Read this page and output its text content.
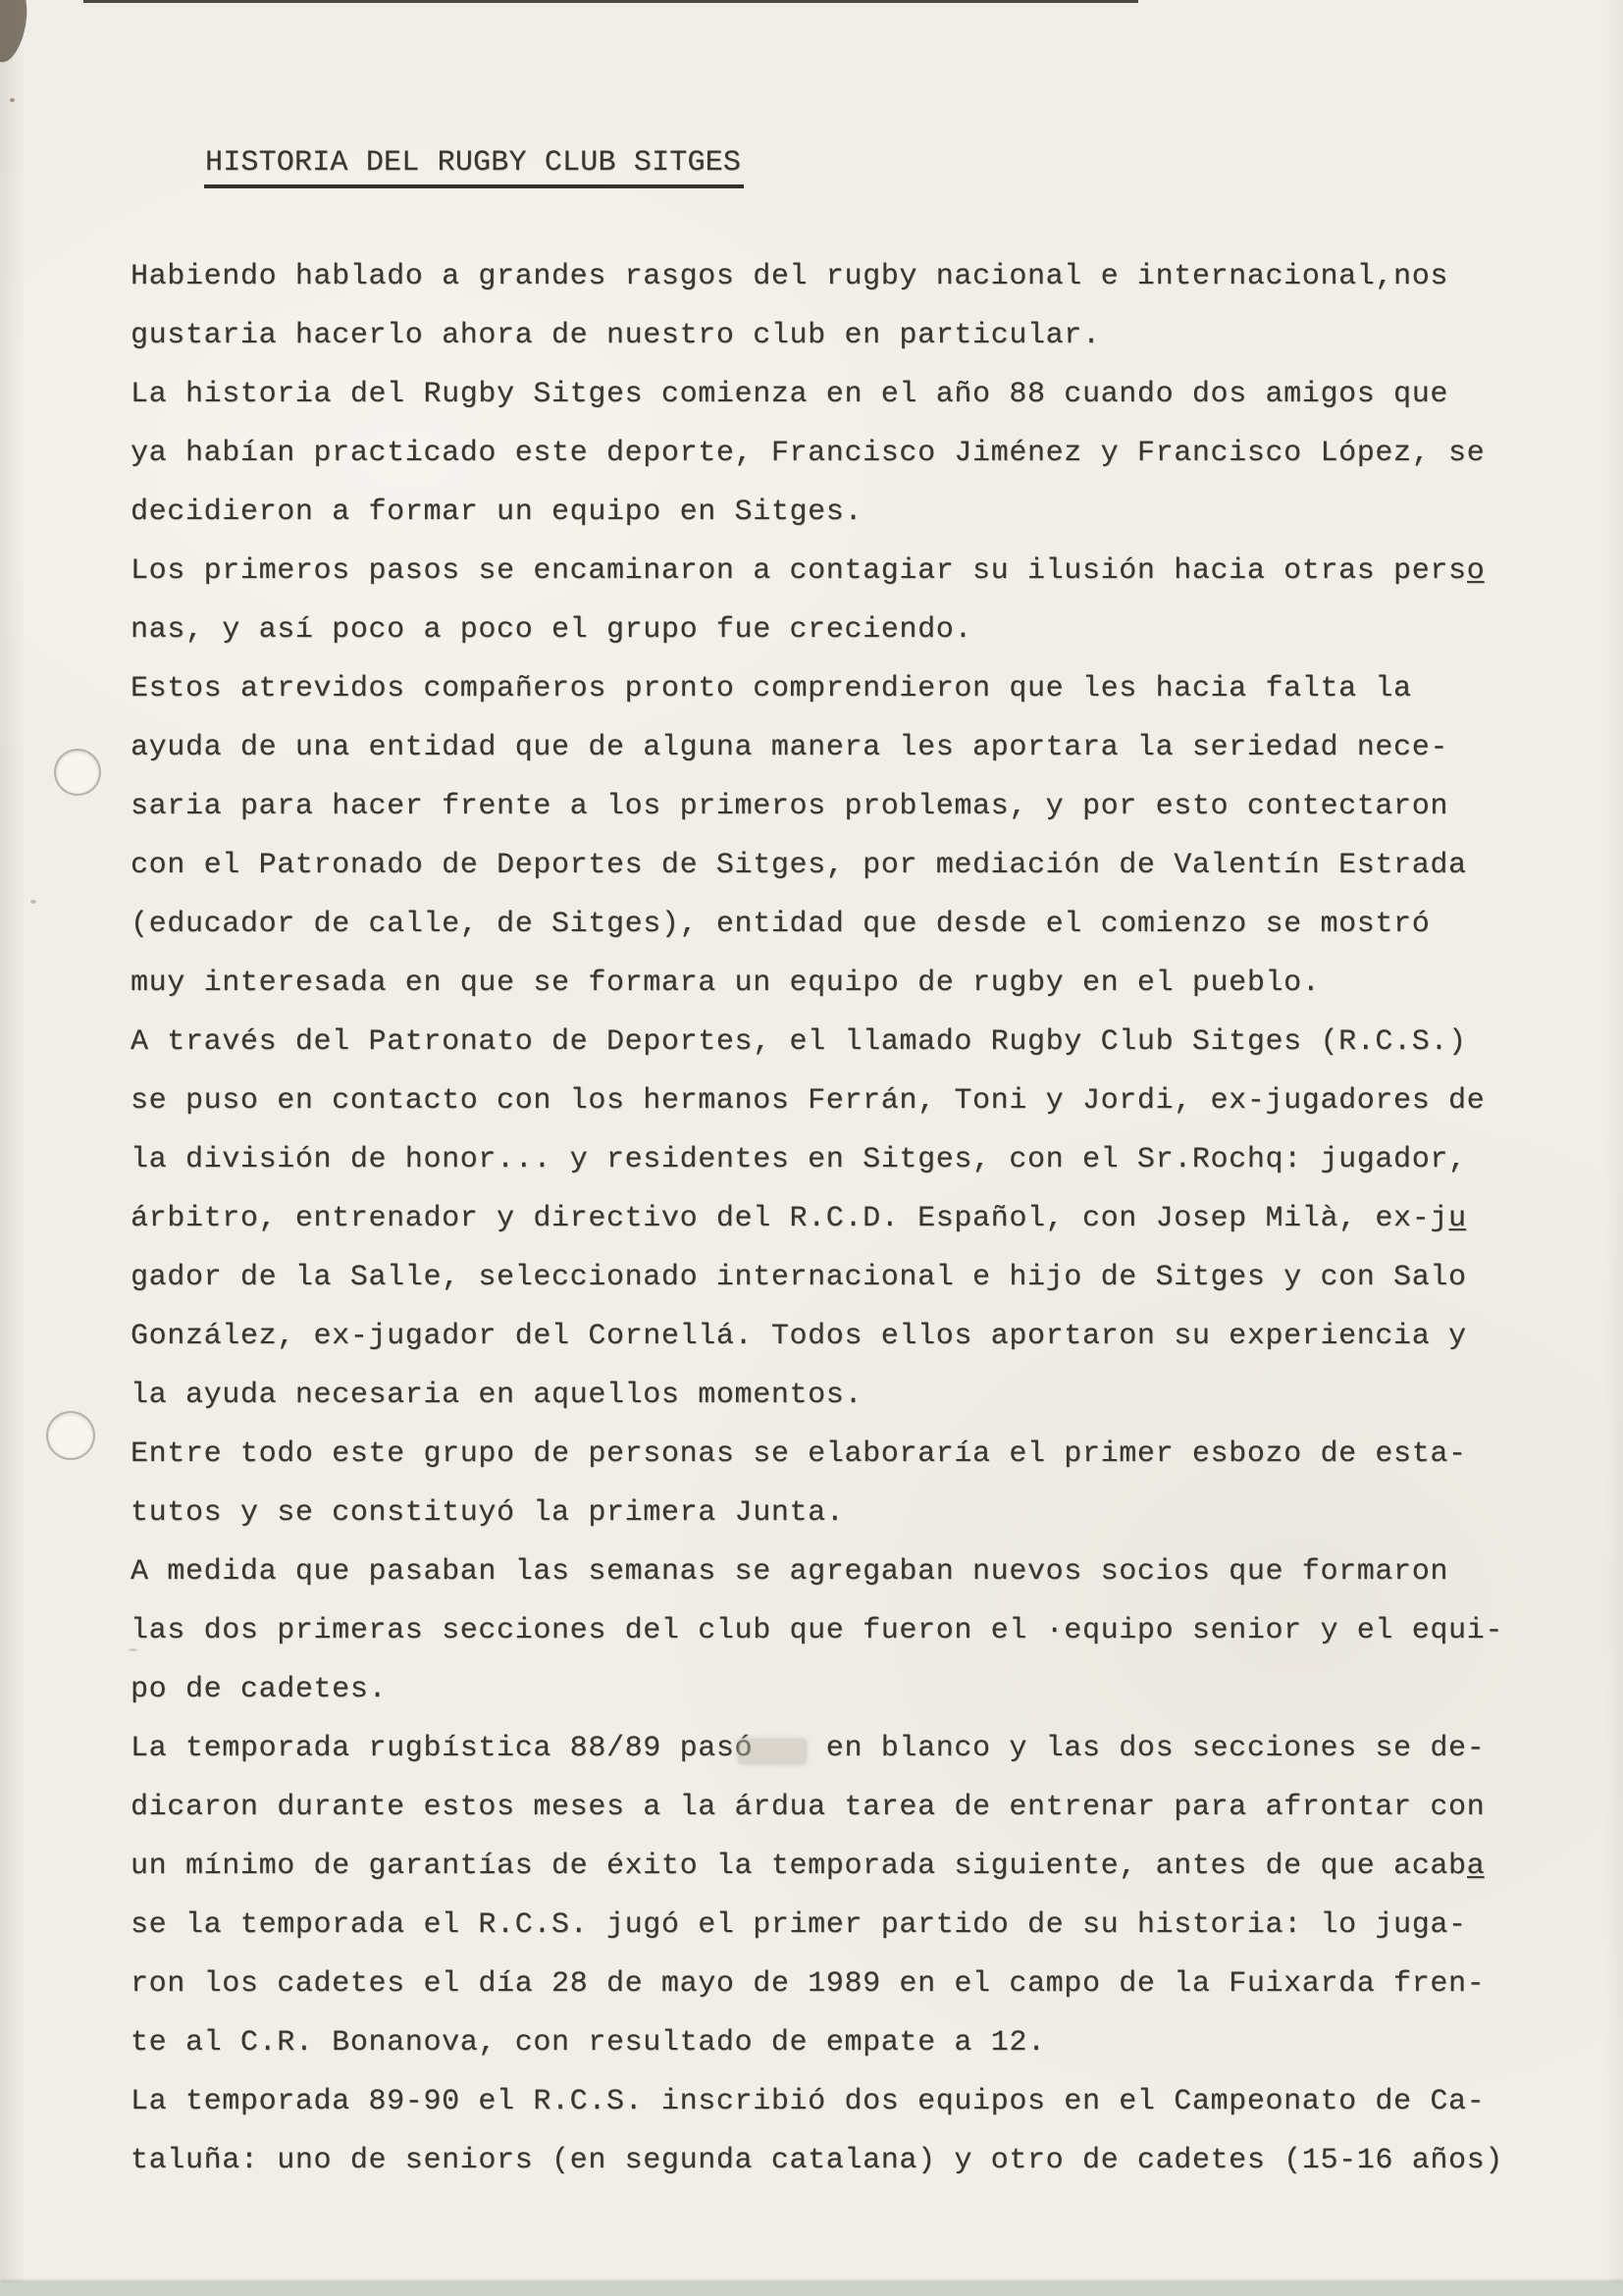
HISTORIA DEL RUGBY CLUB SITGES
Habiendo hablado a grandes rasgos del rugby nacional e internacional,nos
gustaria hacerlo ahora de nuestro club en particular.
La historia del Rugby Sitges comienza en el año 88 cuando dos amigos que
ya habían practicado este deporte, Francisco Jiménez y Francisco López, se
decidieron a formar un equipo en Sitges.
Los primeros pasos se encaminaron a contagiar su ilusión hacia otras perso̲
nas, y así poco a poco el grupo fue creciendo.
Estos atrevidos compañeros pronto comprendieron que les hacia falta la
ayuda de una entidad que de alguna manera les aportara la seriedad nece-
saria para hacer frente a los primeros problemas, y por esto contectaron
con el Patronado de Deportes de Sitges, por mediación de Valentín Estrada
(educador de calle, de Sitges), entidad que desde el comienzo se mostró
muy interesada en que se formara un equipo de rugby en el pueblo.
A través del Patronato de Deportes, el llamado Rugby Club Sitges (R.C.S.)
se puso en contacto con los hermanos Ferrán, Toni y Jordi, ex-jugadores de
la división de honor... y residentes en Sitges, con el Sr.Rochq: jugador,
árbitro, entrenador y directivo del R.C.D. Español, con Josep Milà, ex-ju̲
gador de la Salle, seleccionado internacional e hijo de Sitges y con Salo
González, ex-jugador del Cornellá. Todos ellos aportaron su experiencia y
la ayuda necesaria en aquellos momentos.
Entre todo este grupo de personas se elaboraría el primer esbozo de esta-
tutos y se constituyó la primera Junta.
A medida que pasaban las semanas se agregaban nuevos socios que formaron
las dos primeras secciones del club que fueron el ·equipo senior y el equi-
po de cadetes.
La temporada rugbística 88/89 pasó    en blanco y las dos secciones se de-
dicaron durante estos meses a la árdua tarea de entrenar para afrontar con
un mínimo de garantías de éxito la temporada siguiente, antes de que acaba̲
se la temporada el R.C.S. jugó el primer partido de su historia: lo juga-
ron los cadetes el día 28 de mayo de 1989 en el campo de la Fuixarda fren-
te al C.R. Bonanova, con resultado de empate a 12.
La temporada 89-90 el R.C.S. inscribió dos equipos en el Campeonato de Ca-
taluña: uno de seniors (en segunda catalana) y otro de cadetes (15-16 años)
